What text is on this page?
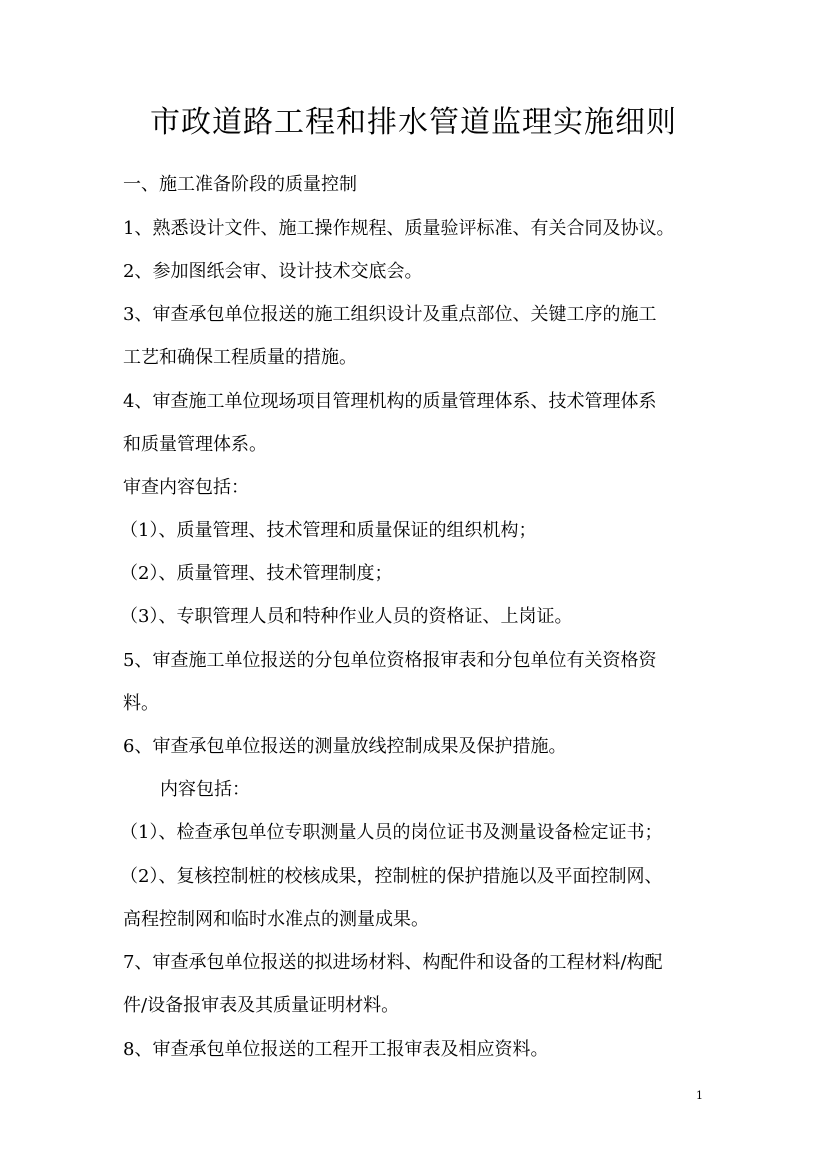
市政道路工程和排水管道监理实施细则
一、施工准备阶段的质量控制
1、熟悉设计文件、施工操作规程、质量验评标准、有关合同及协议。
2、参加图纸会审、设计技术交底会。
3、审查承包单位报送的施工组织设计及重点部位、关键工序的施工
工艺和确保工程质量的措施。
4、审查施工单位现场项目管理机构的质量管理体系、技术管理体系
和质量管理体系。
审查内容包括：
（1）、质量管理、技术管理和质量保证的组织机构；
（2）、质量管理、技术管理制度；
（3）、专职管理人员和特种作业人员的资格证、上岗证。
5、审查施工单位报送的分包单位资格报审表和分包单位有关资格资
料。
6、审查承包单位报送的测量放线控制成果及保护措施。
内容包括：
（1）、检查承包单位专职测量人员的岗位证书及测量设备检定证书；
（2）、复核控制桩的校核成果，控制桩的保护措施以及平面控制网、
高程控制网和临时水准点的测量成果。
7、审查承包单位报送的拟进场材料、构配件和设备的工程材料/构配
件/设备报审表及其质量证明材料。
8、审查承包单位报送的工程开工报审表及相应资料。
1
